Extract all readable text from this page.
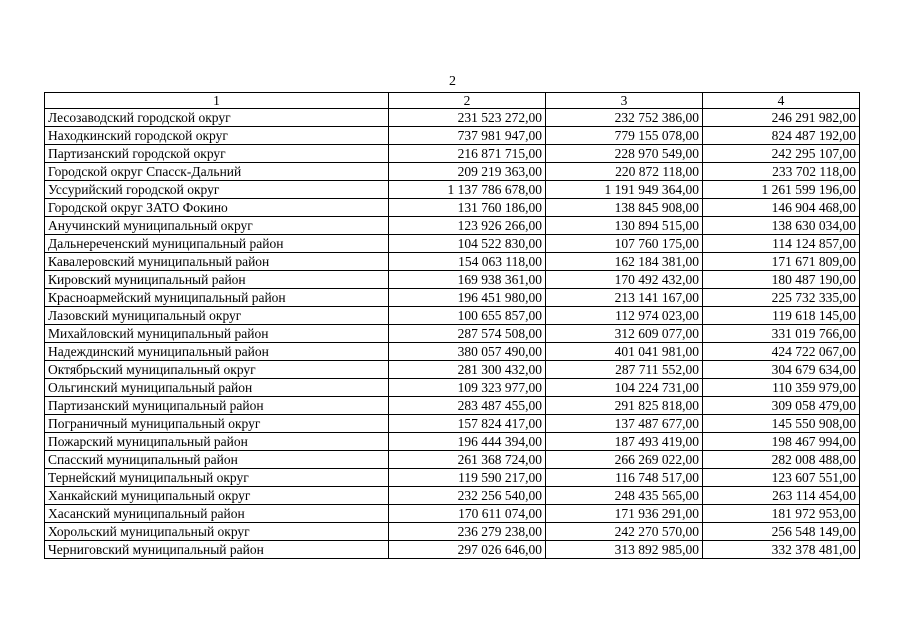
2
1	2	3	4
Лесозаводский городской округ	231 523 272,00	232 752 386,00	246 291 982,00
Находкинский городской округ	737 981 947,00	779 155 078,00	824 487 192,00
Партизанский городской округ	216 871 715,00	228 970 549,00	242 295 107,00
Городской округ Спасск-Дальний	209 219 363,00	220 872 118,00	233 702 118,00
Уссурийский городской округ	1 137 786 678,00	1 191 949 364,00	1 261 599 196,00
Городской округ ЗАТО Фокино	131 760 186,00	138 845 908,00	146 904 468,00
Анучинский муниципальный округ	123 926 266,00	130 894 515,00	138 630 034,00
Дальнереченский муниципальный район	104 522 830,00	107 760 175,00	114 124 857,00
Кавалеровский муниципальный район	154 063 118,00	162 184 381,00	171 671 809,00
Кировский муниципальный район	169 938 361,00	170 492 432,00	180 487 190,00
Красноармейский муниципальный район	196 451 980,00	213 141 167,00	225 732 335,00
Лазовский муниципальный округ	100 655 857,00	112 974 023,00	119 618 145,00
Михайловский муниципальный район	287 574 508,00	312 609 077,00	331 019 766,00
Надеждинский муниципальный район	380 057 490,00	401 041 981,00	424 722 067,00
Октябрьский муниципальный округ	281 300 432,00	287 711 552,00	304 679 634,00
Ольгинский муниципальный район	109 323 977,00	104 224 731,00	110 359 979,00
Партизанский муниципальный район	283 487 455,00	291 825 818,00	309 058 479,00
Пограничный муниципальный округ	157 824 417,00	137 487 677,00	145 550 908,00
Пожарский муниципальный район	196 444 394,00	187 493 419,00	198 467 994,00
Спасский муниципальный район	261 368 724,00	266 269 022,00	282 008 488,00
Тернейский муниципальный округ	119 590 217,00	116 748 517,00	123 607 551,00
Ханкайский муниципальный округ	232 256 540,00	248 435 565,00	263 114 454,00
Хасанский муниципальный район	170 611 074,00	171 936 291,00	181 972 953,00
Хорольский муниципальный округ	236 279 238,00	242 270 570,00	256 548 149,00
Черниговский муниципальный район	297 026 646,00	313 892 985,00	332 378 481,00
